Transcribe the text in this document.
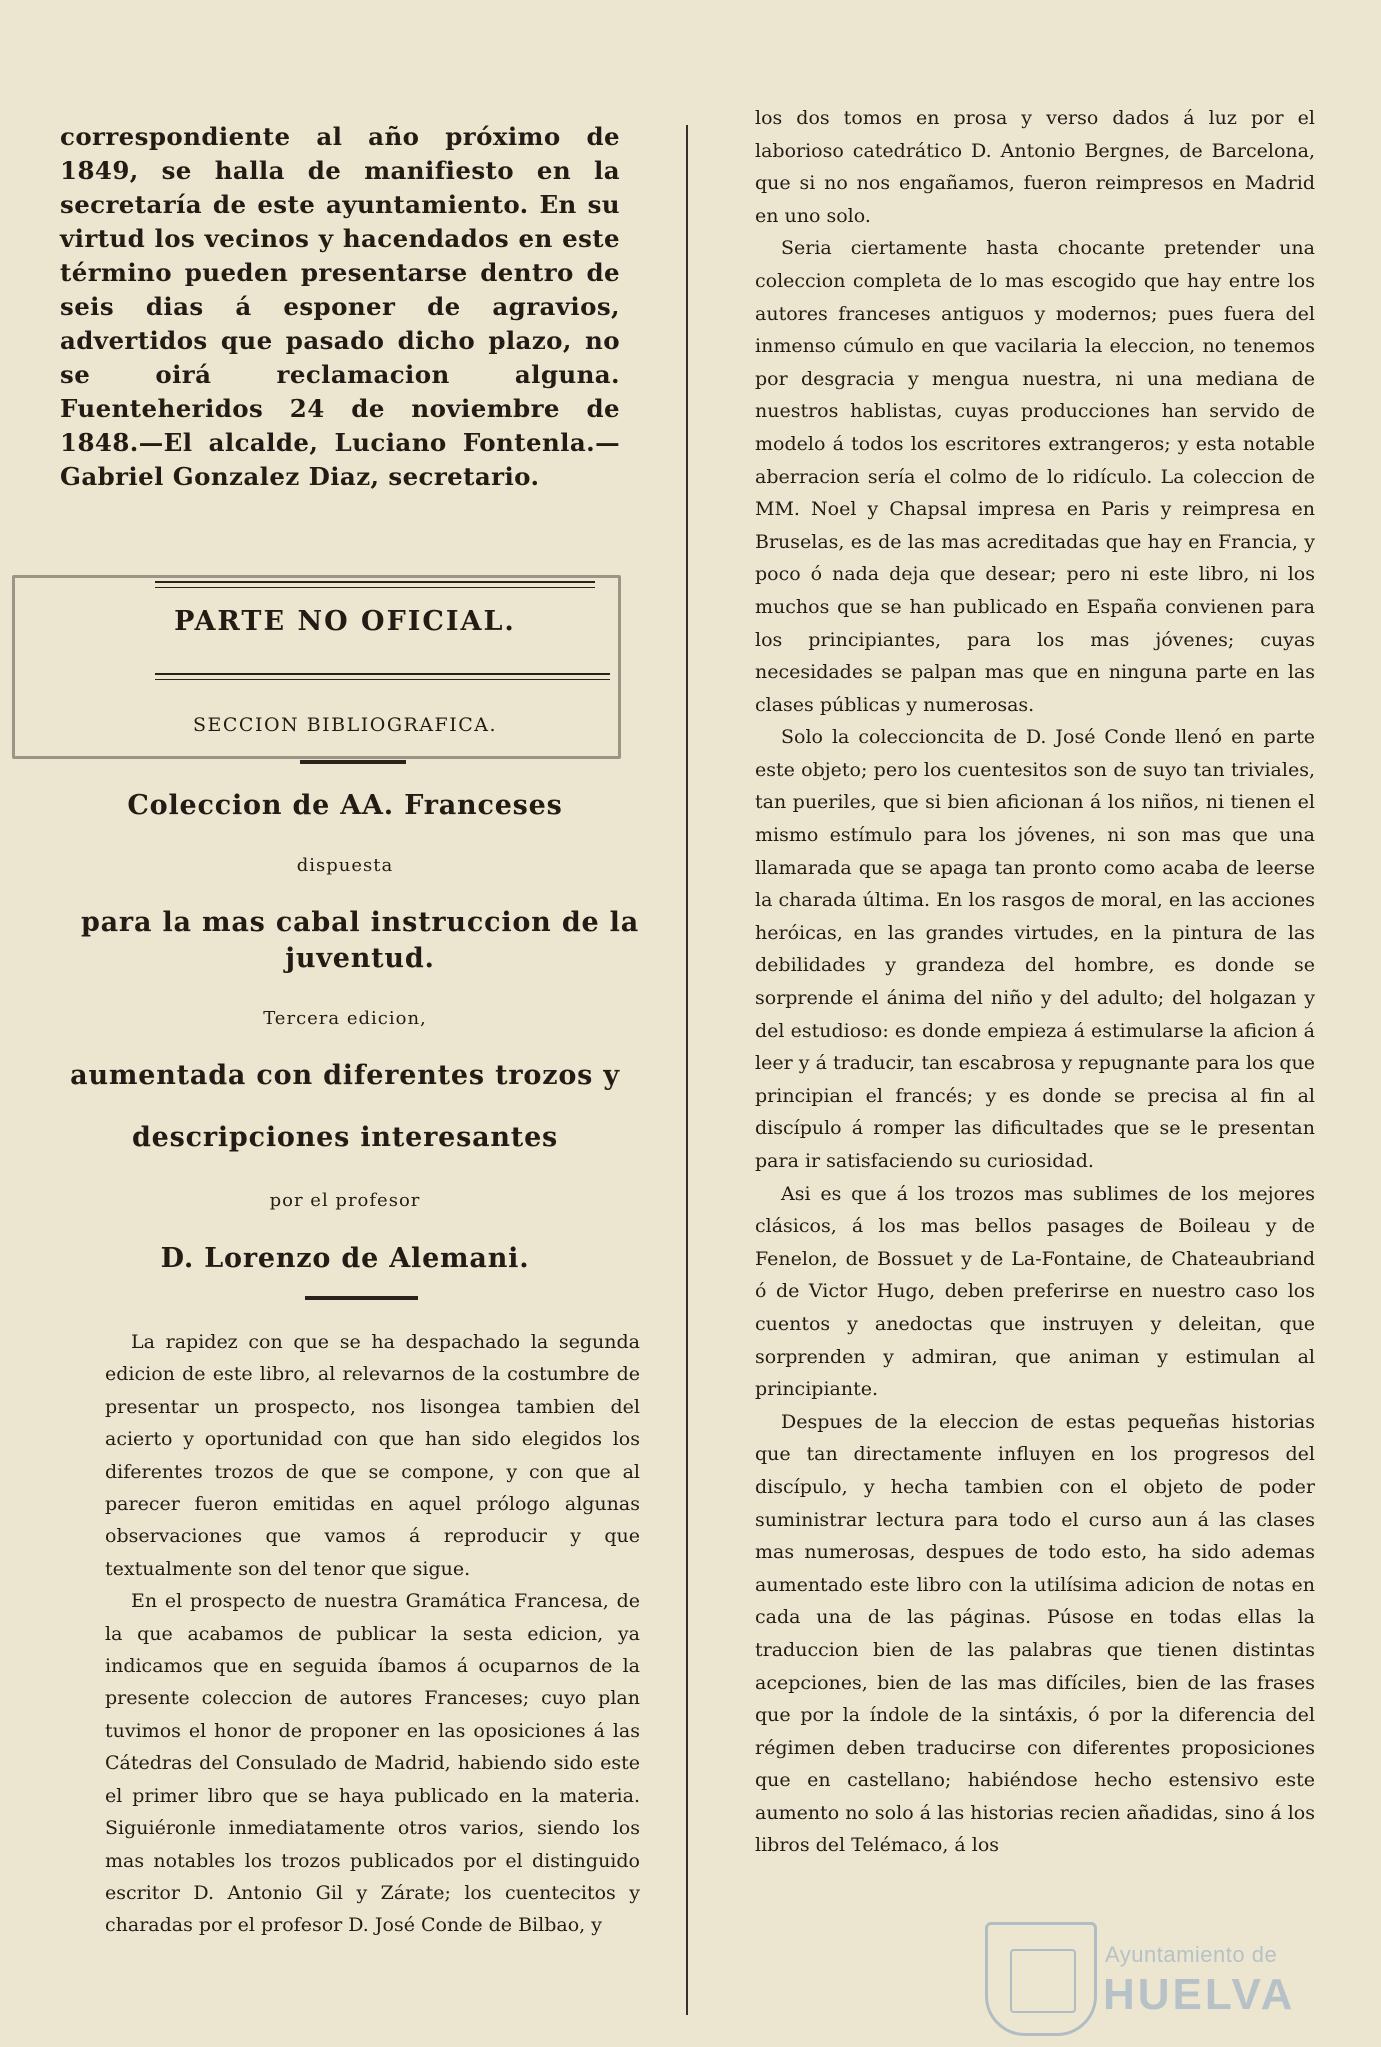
correspondiente al año próximo de 1849, se halla de manifiesto en la secretaría de este ayuntamiento. En su virtud los vecinos y hacendados en este término pueden presentarse dentro de seis dias á esponer de agravios, advertidos que pasado dicho plazo, no se oirá reclamacion alguna. Fuenteheridos 24 de noviembre de 1848.—El alcalde, Luciano Fontenla.—Gabriel Gonzalez Diaz, secretario.

PARTE NO OFICIAL.
SECCION BIBLIOGRAFICA.
Coleccion de AA. Franceses
dispuesta
para la mas cabal instruccion de la juventud.
Tercera edicion,
aumentada con diferentes trozos y
descripciones interesantes
por el profesor
D. Lorenzo de Alemani.

La rapidez con que se ha despachado la segunda edicion de este libro, al relevarnos de la costumbre de presentar un prospecto, nos lisongea tambien del acierto y oportunidad con que han sido elegidos los diferentes trozos de que se compone, y con que al parecer fueron emitidas en aquel prólogo algunas observaciones que vamos á reproducir y que textualmente son del tenor que sigue.

En el prospecto de nuestra Gramática Francesa, de la que acabamos de publicar la sesta edicion, ya indicamos que en seguida íbamos á ocuparnos de la presente coleccion de autores Franceses; cuyo plan tuvimos el honor de proponer en las oposiciones á las Cátedras del Consulado de Madrid, habiendo sido este el primer libro que se haya publicado en la materia. Siguiéronle inmediatamente otros varios, siendo los mas notables los trozos publicados por el distinguido escritor D. Antonio Gil y Zárate; los cuentecitos y charadas por el profesor D. José Conde de Bilbao, y

los dos tomos en prosa y verso dados á luz por el laborioso catedrático D. Antonio Bergnes, de Barcelona, que si no nos engañamos, fueron reimpresos en Madrid en uno solo.

Seria ciertamente hasta chocante pretender una coleccion completa de lo mas escogido que hay entre los autores franceses antiguos y modernos; pues fuera del inmenso cúmulo en que vacilaria la eleccion, no tenemos por desgracia y mengua nuestra, ni una mediana de nuestros hablistas, cuyas producciones han servido de modelo á todos los escritores extrangeros; y esta notable aberracion sería el colmo de lo ridículo. La coleccion de MM. Noel y Chapsal impresa en Paris y reimpresa en Bruselas, es de las mas acreditadas que hay en Francia, y poco ó nada deja que desear; pero ni este libro, ni los muchos que se han publicado en España convienen para los principiantes, para los mas jóvenes; cuyas necesidades se palpan mas que en ninguna parte en las clases públicas y numerosas.

Solo la coleccioncita de D. José Conde llenó en parte este objeto; pero los cuentesitos son de suyo tan triviales, tan pueriles, que si bien aficionan á los niños, ni tienen el mismo estímulo para los jóvenes, ni son mas que una llamarada que se apaga tan pronto como acaba de leerse la charada última. En los rasgos de moral, en las acciones heróicas, en las grandes virtudes, en la pintura de las debilidades y grandeza del hombre, es donde se sorprende el ánima del niño y del adulto; del holgazan y del estudioso: es donde empieza á estimularse la aficion á leer y á traducir, tan escabrosa y repugnante para los que principian el francés; y es donde se precisa al fin al discípulo á romper las dificultades que se le presentan para ir satisfaciendo su curiosidad.

Asi es que á los trozos mas sublimes de los mejores clásicos, á los mas bellos pasages de Boileau y de Fenelon, de Bossuet y de La-Fontaine, de Chateaubriand ó de Victor Hugo, deben preferirse en nuestro caso los cuentos y anedoctas que instruyen y deleitan, que sorprenden y admiran, que animan y estimulan al principiante.

Despues de la eleccion de estas pequeñas historias que tan directamente influyen en los progresos del discípulo, y hecha tambien con el objeto de poder suministrar lectura para todo el curso aun á las clases mas numerosas, despues de todo esto, ha sido ademas aumentado este libro con la utilísima adicion de notas en cada una de las páginas. Púsose en todas ellas la traduccion bien de las palabras que tienen distintas acepciones, bien de las mas difíciles, bien de las frases que por la índole de la sintáxis, ó por la diferencia del régimen deben traducirse con diferentes proposiciones que en castellano; habiéndose hecho estensivo este aumento no solo á las historias recien añadidas, sino á los libros del Telémaco, á los

Ayuntamiento de
HUELVA
